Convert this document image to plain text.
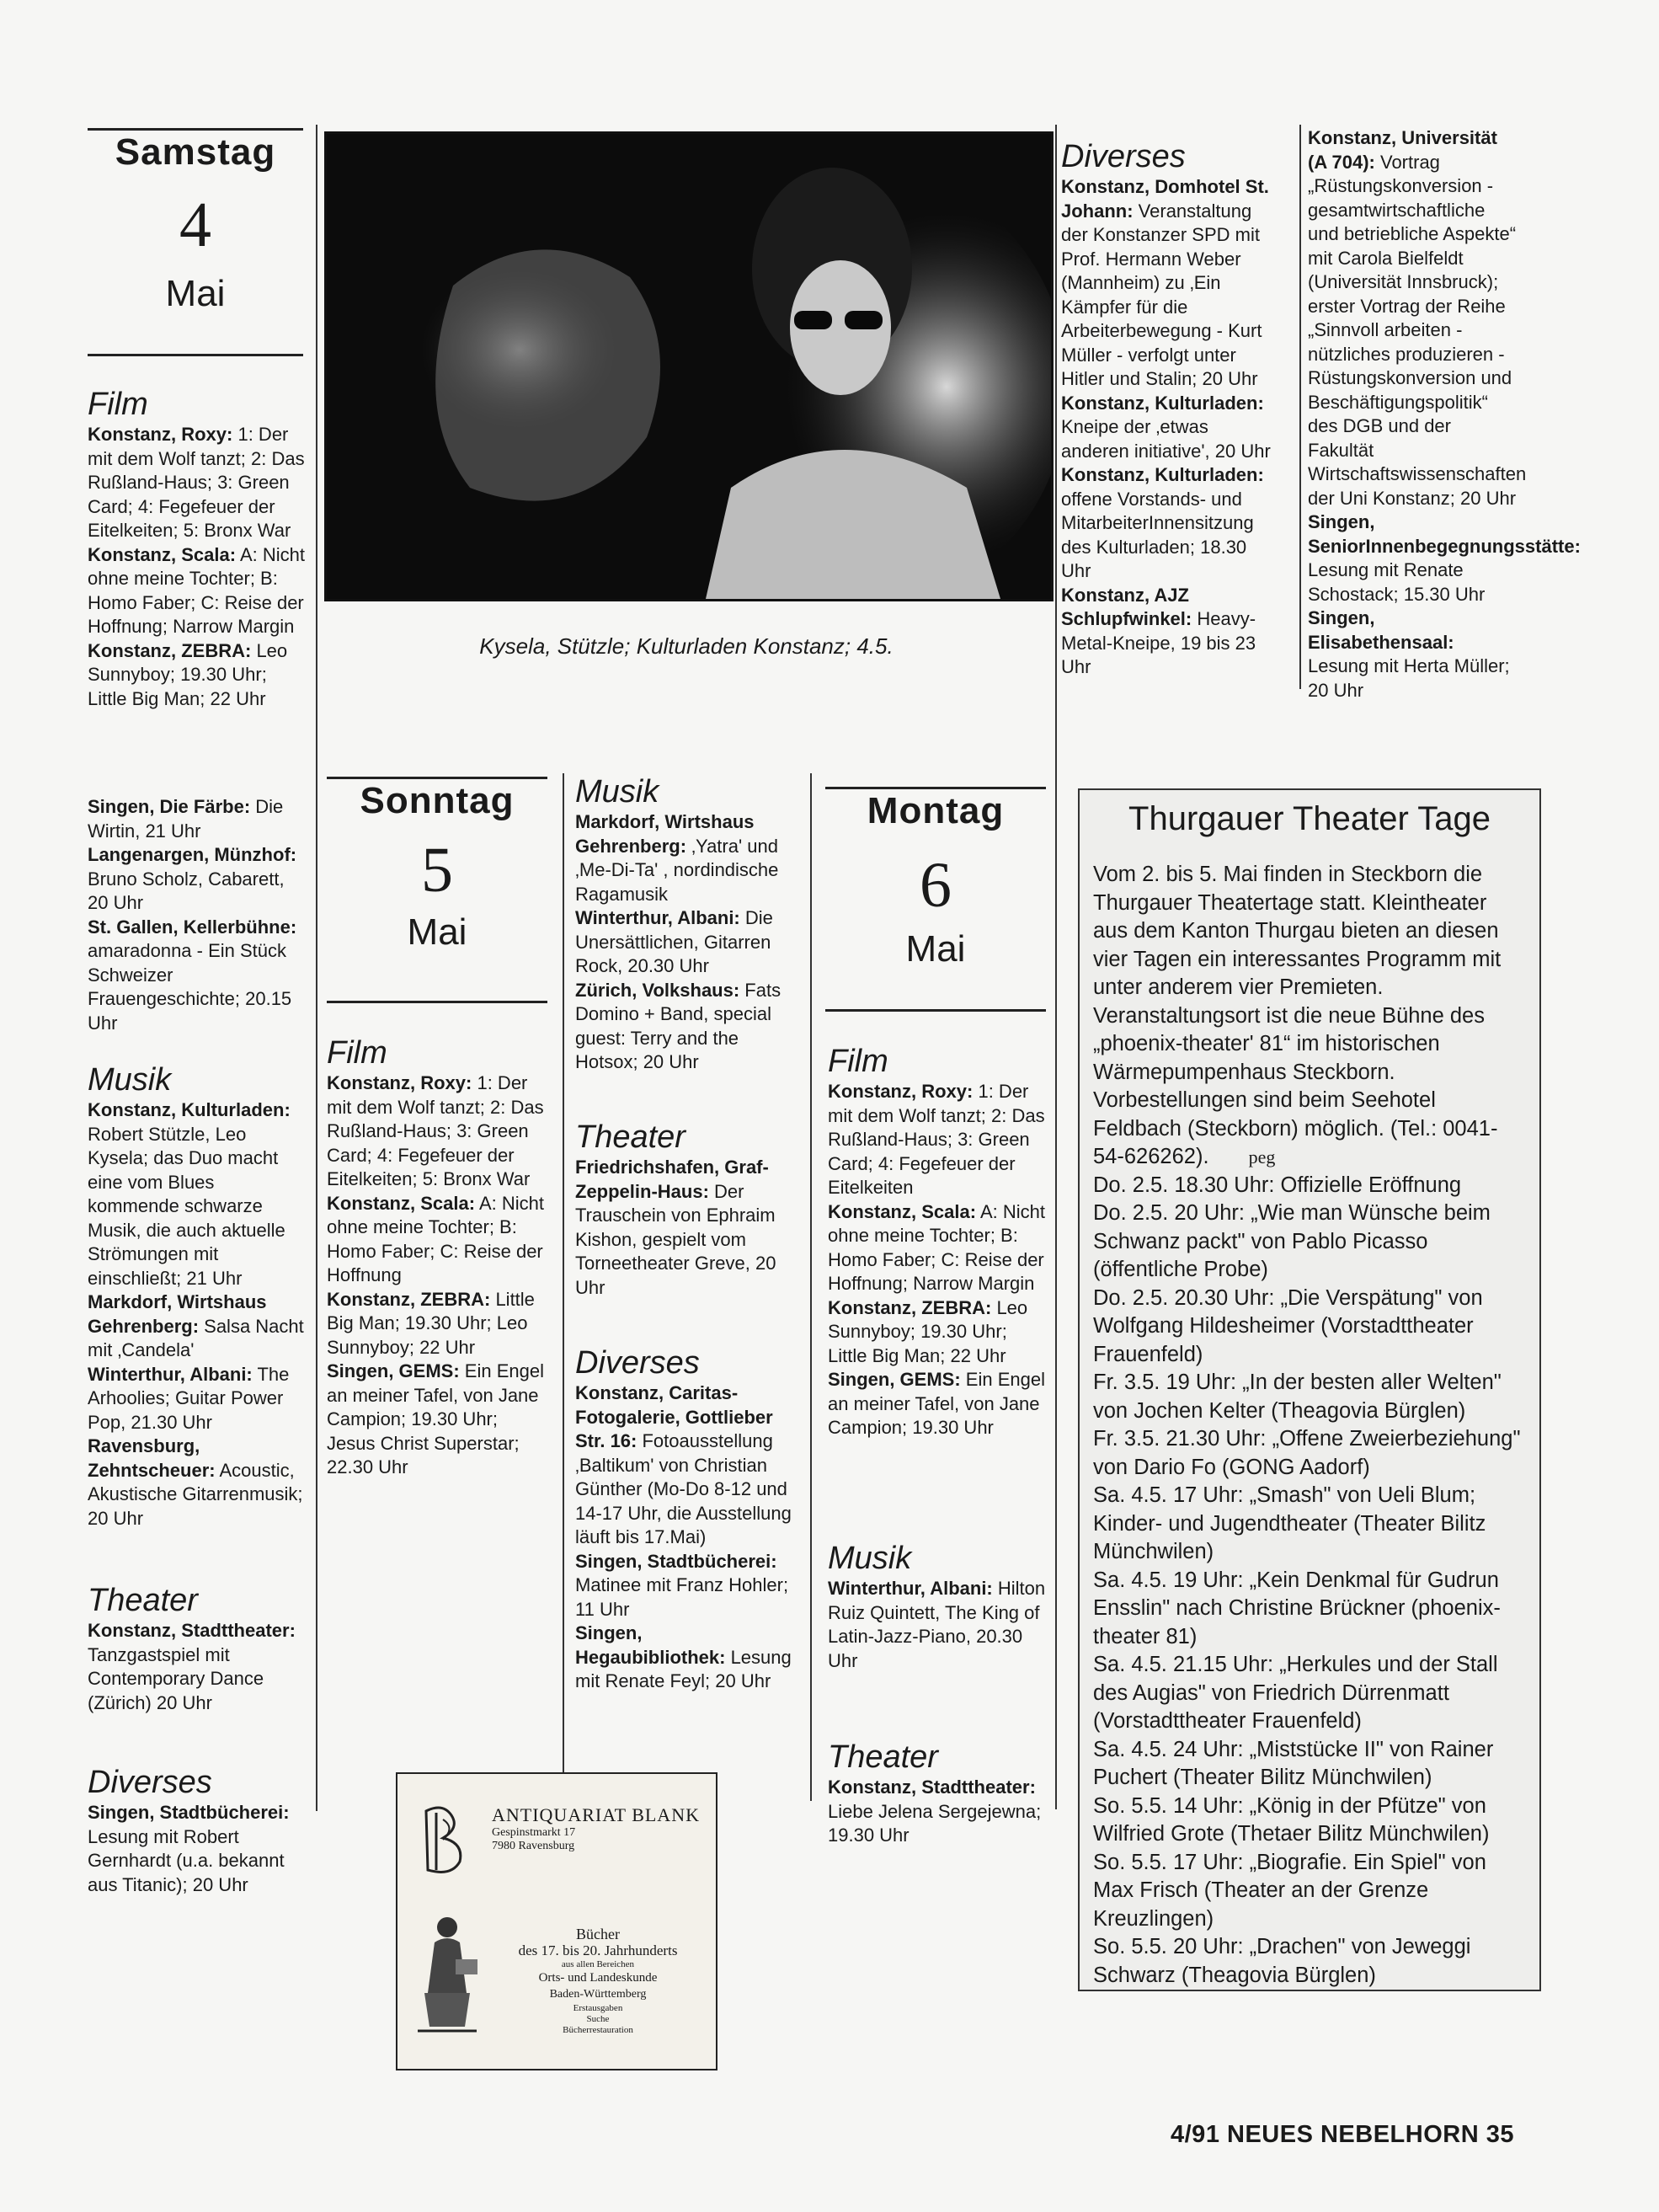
Samstag
4
Mai
Film

Konstanz, Roxy: 1: Der mit dem Wolf tanzt; 2: Das Rußland-Haus; 3: Green Card; 4: Fegefeuer der Eitelkeiten; 5: Bronx War

Konstanz, Scala: A: Nicht ohne meine Tochter; B: Homo Faber; C: Reise der Hoffnung; Narrow Margin

Konstanz, ZEBRA: Leo Sunnyboy; 19.30 Uhr; Little Big Man; 22 Uhr

Singen, Die Färbe: Die Wirtin, 21 Uhr

Langenargen, Münzhof: Bruno Scholz, Cabarett, 20 Uhr

St. Gallen, Kellerbühne: amaradonna - Ein Stück Schweizer Frauengeschichte; 20.15 Uhr

Musik

Konstanz, Kulturladen: Robert Stützle, Leo Kysela; das Duo macht eine vom Blues kommende schwarze Musik, die auch aktuelle Strömungen mit einschließt; 21 Uhr

Markdorf, Wirtshaus Gehrenberg: Salsa Nacht mit ‚Candela'

Winterthur, Albani: The Arhoolies; Guitar Power Pop, 21.30 Uhr

Ravensburg, Zehntscheuer: Acoustic, Akustische Gitarrenmusik; 20 Uhr

Theater

Konstanz, Stadttheater: Tanzgastspiel mit Contemporary Dance (Zürich) 20 Uhr

Diverses

Singen, Stadtbücherei: Lesung mit Robert Gernhardt (u.a. bekannt aus Titanic); 20 Uhr

Kysela, Stützle; Kulturladen Konstanz; 4.5.
Diverses

Konstanz, Domhotel St. Johann: Veranstaltung der Konstanzer SPD mit Prof. Hermann Weber (Mannheim) zu ‚Ein Kämpfer für die Arbeiterbewegung - Kurt Müller - verfolgt unter Hitler und Stalin; 20 Uhr

Konstanz, Kulturladen: Kneipe der ‚etwas anderen initiative', 20 Uhr

Konstanz, Kulturladen: offene Vorstands- und MitarbeiterInnensitzung des Kulturladen; 18.30 Uhr

Konstanz, AJZ Schlupfwinkel: Heavy-Metal-Kneipe, 19 bis 23 Uhr

Konstanz, Universität (A 704): Vortrag „Rüstungskonversion - gesamtwirtschaftliche und betriebliche Aspekte“ mit Carola Bielfeldt (Universität Innsbruck); erster Vortrag der Reihe „Sinnvoll arbeiten - nützliches produzieren - Rüstungskonversion und Beschäftigungspolitik“ des DGB und der Fakultät Wirtschaftswissenschaften der Uni Konstanz; 20 Uhr

Singen, SeniorInnenbegegnungsstätte: Lesung mit Renate Schostack; 15.30 Uhr

Singen, Elisabethensaal: Lesung mit Herta Müller; 20 Uhr

Sonntag
5
Mai
Film

Konstanz, Roxy: 1: Der mit dem Wolf tanzt; 2: Das Rußland-Haus; 3: Green Card; 4: Fegefeuer der Eitelkeiten; 5: Bronx War

Konstanz, Scala: A: Nicht ohne meine Tochter; B: Homo Faber; C: Reise der Hoffnung

Konstanz, ZEBRA: Little Big Man; 19.30 Uhr; Leo Sunnyboy; 22 Uhr

Singen, GEMS: Ein Engel an meiner Tafel, von Jane Campion; 19.30 Uhr; Jesus Christ Superstar; 22.30 Uhr

Musik

Markdorf, Wirtshaus Gehrenberg: ‚Yatra' und ‚Me-Di-Ta' , nordindische Ragamusik

Winterthur, Albani: Die Unersättlichen, Gitarren Rock, 20.30 Uhr

Zürich, Volkshaus: Fats Domino + Band, special guest: Terry and the Hotsox; 20 Uhr

Theater

Friedrichshafen, Graf-Zeppelin-Haus: Der Trauschein von Ephraim Kishon, gespielt vom Torneetheater Greve, 20 Uhr

Diverses

Konstanz, Caritas-Fotogalerie, Gottlieber Str. 16: Fotoausstellung ‚Baltikum' von Christian Günther (Mo-Do 8-12 und 14-17 Uhr, die Ausstellung läuft bis 17.Mai)

Singen, Stadtbücherei: Matinee mit Franz Hohler; 11 Uhr

Singen, Hegaubibliothek: Lesung mit Renate Feyl; 20 Uhr

Montag
6
Mai
Film

Konstanz, Roxy: 1: Der mit dem Wolf tanzt; 2: Das Rußland-Haus; 3: Green Card; 4: Fegefeuer der Eitelkeiten

Konstanz, Scala: A: Nicht ohne meine Tochter; B: Homo Faber; C: Reise der Hoffnung; Narrow Margin

Konstanz, ZEBRA: Leo Sunnyboy; 19.30 Uhr; Little Big Man; 22 Uhr

Singen, GEMS: Ein Engel an meiner Tafel, von Jane Campion; 19.30 Uhr

Musik

Winterthur, Albani: Hilton Ruiz Quintett, The King of Latin-Jazz-Piano, 20.30 Uhr

Theater

Konstanz, Stadttheater: Liebe Jelena Sergejewna; 19.30 Uhr

Thurgauer Theater Tage

Vom 2. bis 5. Mai finden in Steckborn die Thurgauer Theatertage statt. Kleintheater aus dem Kanton Thurgau bieten an diesen vier Tagen ein interessantes Programm mit unter anderem vier Premieten. Veranstaltungsort ist die neue Bühne des „phoenix-theater' 81“ im historischen Wärmepumpenhaus Steckborn. Vorbestellungen sind beim Seehotel Feldbach (Steckborn) möglich. (Tel.: 0041-54-626262). peg

Do. 2.5. 18.30 Uhr: Offizielle Eröffnung

Do. 2.5. 20 Uhr: „Wie man Wünsche beim Schwanz packt" von Pablo Picasso (öffentliche Probe)

Do. 2.5. 20.30 Uhr: „Die Verspätung" von Wolfgang Hildesheimer (Vorstadttheater Frauenfeld)

Fr. 3.5. 19 Uhr: „In der besten aller Welten" von Jochen Kelter (Theagovia Bürglen)

Fr. 3.5. 21.30 Uhr: „Offene Zweierbeziehung" von Dario Fo (GONG Aadorf)

Sa. 4.5. 17 Uhr: „Smash" von Ueli Blum; Kinder- und Jugendtheater (Theater Bilitz Münchwilen)

Sa. 4.5. 19 Uhr: „Kein Denkmal für Gudrun Ensslin" nach Christine Brückner (phoenix-theater 81)

Sa. 4.5. 21.15 Uhr: „Herkules und der Stall des Augias" von Friedrich Dürrenmatt (Vorstadttheater Frauenfeld)

Sa. 4.5. 24 Uhr: „Miststücke II" von Rainer Puchert (Theater Bilitz Münchwilen)

So. 5.5. 14 Uhr: „König in der Pfütze" von Wilfried Grote (Thetaer Bilitz Münchwilen)

So. 5.5. 17 Uhr: „Biografie. Ein Spiel" von Max Frisch (Theater an der Grenze Kreuzlingen)

So. 5.5. 20 Uhr: „Drachen" von Jeweggi Schwarz (Theagovia Bürglen)

ANTIQUARIAT BLANK
Gespinstmarkt 17
7980 Ravensburg
Bücher
des 17. bis 20. Jahrhunderts
aus allen Bereichen
Orts- und Landeskunde
Baden-Württemberg
Erstausgaben
Suche
Bücherrestauration
4/91 NEUES NEBELHORN 35
